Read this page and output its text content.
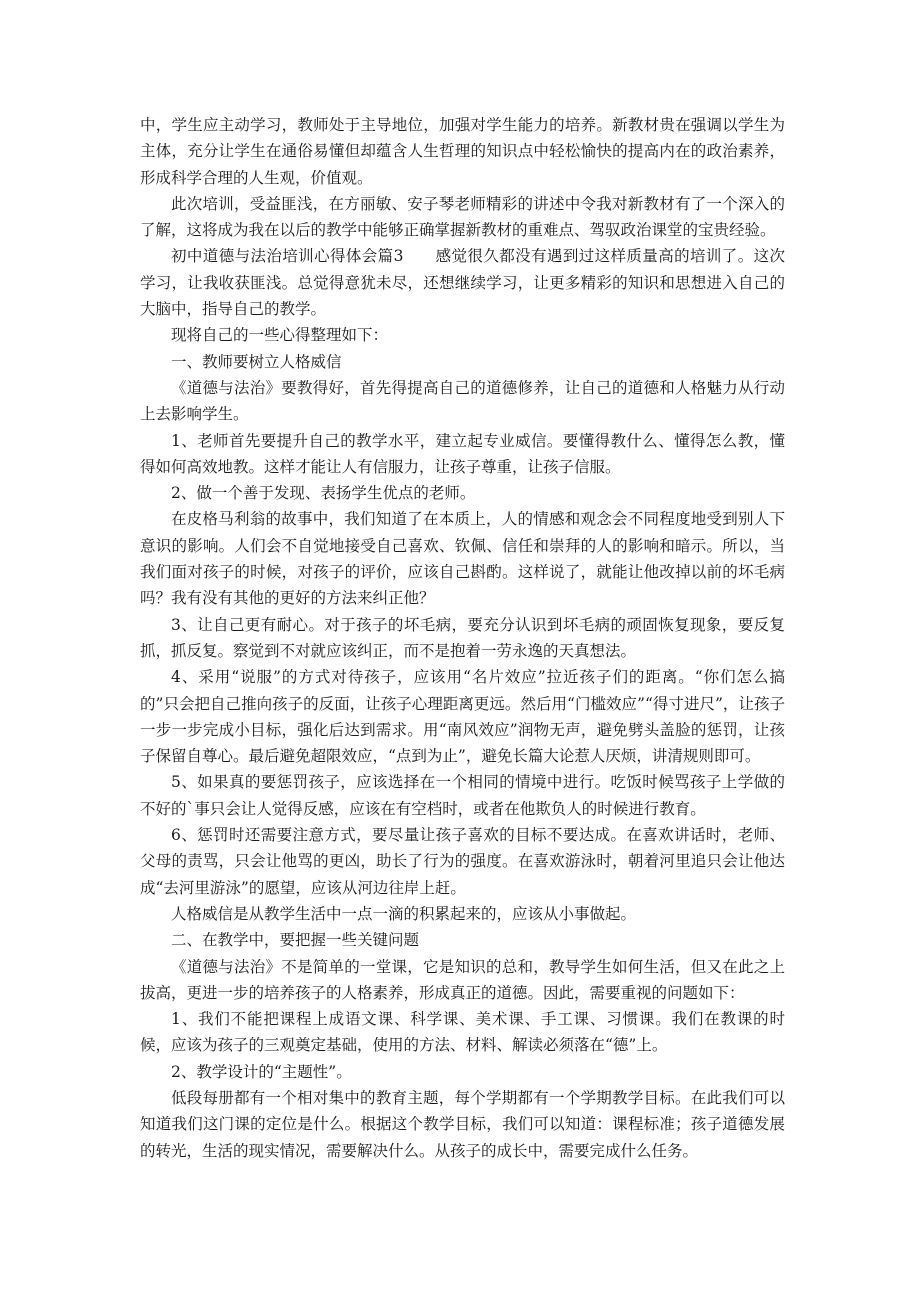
中，学生应主动学习，教师处于主导地位，加强对学生能力的培养。新教材贵在强调以学生为主体，充分让学生在通俗易懂但却蕴含人生哲理的知识点中轻松愉快的提高内在的政治素养，形成科学合理的人生观，价值观。

此次培训，受益匪浅，在方丽敏、安子琴老师精彩的讲述中令我对新教材有了一个深入的了解，这将成为我在以后的教学中能够正确掌握新教材的重难点、驾驭政治课堂的宝贵经验。

初中道德与法治培训心得体会篇3　　感觉很久都没有遇到过这样质量高的培训了。这次学习，让我收获匪浅。总觉得意犹未尽，还想继续学习，让更多精彩的知识和思想进入自己的大脑中，指导自己的教学。

现将自己的一些心得整理如下：

一、教师要树立人格威信

《道德与法治》要教得好，首先得提高自己的道德修养，让自己的道德和人格魅力从行动上去影响学生。

1、老师首先要提升自己的教学水平，建立起专业威信。要懂得教什么、懂得怎么教，懂得如何高效地教。这样才能让人有信服力，让孩子尊重，让孩子信服。

2、做一个善于发现、表扬学生优点的老师。

在皮格马利翁的故事中，我们知道了在本质上，人的情感和观念会不同程度地受到别人下意识的影响。人们会不自觉地接受自己喜欢、钦佩、信任和崇拜的人的影响和暗示。所以，当我们面对孩子的时候，对孩子的评价，应该自己斟酌。这样说了，就能让他改掉以前的坏毛病吗？我有没有其他的更好的方法来纠正他？

3、让自己更有耐心。对于孩子的坏毛病，要充分认识到坏毛病的顽固恢复现象，要反复抓，抓反复。察觉到不对就应该纠正，而不是抱着一劳永逸的天真想法。

4、采用“说服”的方式对待孩子，应该用“名片效应”拉近孩子们的距离。“你们怎么搞的”只会把自己推向孩子的反面，让孩子心理距离更远。然后用“门槛效应”“得寸进尺”，让孩子一步一步完成小目标，强化后达到需求。用“南风效应”润物无声，避免劈头盖脸的惩罚，让孩子保留自尊心。最后避免超限效应，“点到为止”，避免长篇大论惹人厌烦，讲清规则即可。

5、如果真的要惩罚孩子，应该选择在一个相同的情境中进行。吃饭时候骂孩子上学做的不好的`事只会让人觉得反感，应该在有空档时，或者在他欺负人的时候进行教育。

6、惩罚时还需要注意方式，要尽量让孩子喜欢的目标不要达成。在喜欢讲话时，老师、父母的责骂，只会让他骂的更凶，助长了行为的强度。在喜欢游泳时，朝着河里追只会让他达成“去河里游泳”的愿望，应该从河边往岸上赶。

人格威信是从教学生活中一点一滴的积累起来的，应该从小事做起。

二、在教学中，要把握一些关键问题

《道德与法治》不是简单的一堂课，它是知识的总和，教导学生如何生活，但又在此之上拔高，更进一步的培养孩子的人格素养，形成真正的道德。因此，需要重视的问题如下：

1、我们不能把课程上成语文课、科学课、美术课、手工课、习惯课。我们在教课的时候，应该为孩子的三观奠定基础，使用的方法、材料、解读必须落在“德”上。

2、教学设计的“主题性”。

低段每册都有一个相对集中的教育主题，每个学期都有一个学期教学目标。在此我们可以知道我们这门课的定位是什么。根据这个教学目标，我们可以知道：课程标准；孩子道德发展的转光，生活的现实情况，需要解决什么。从孩子的成长中，需要完成什么任务。
